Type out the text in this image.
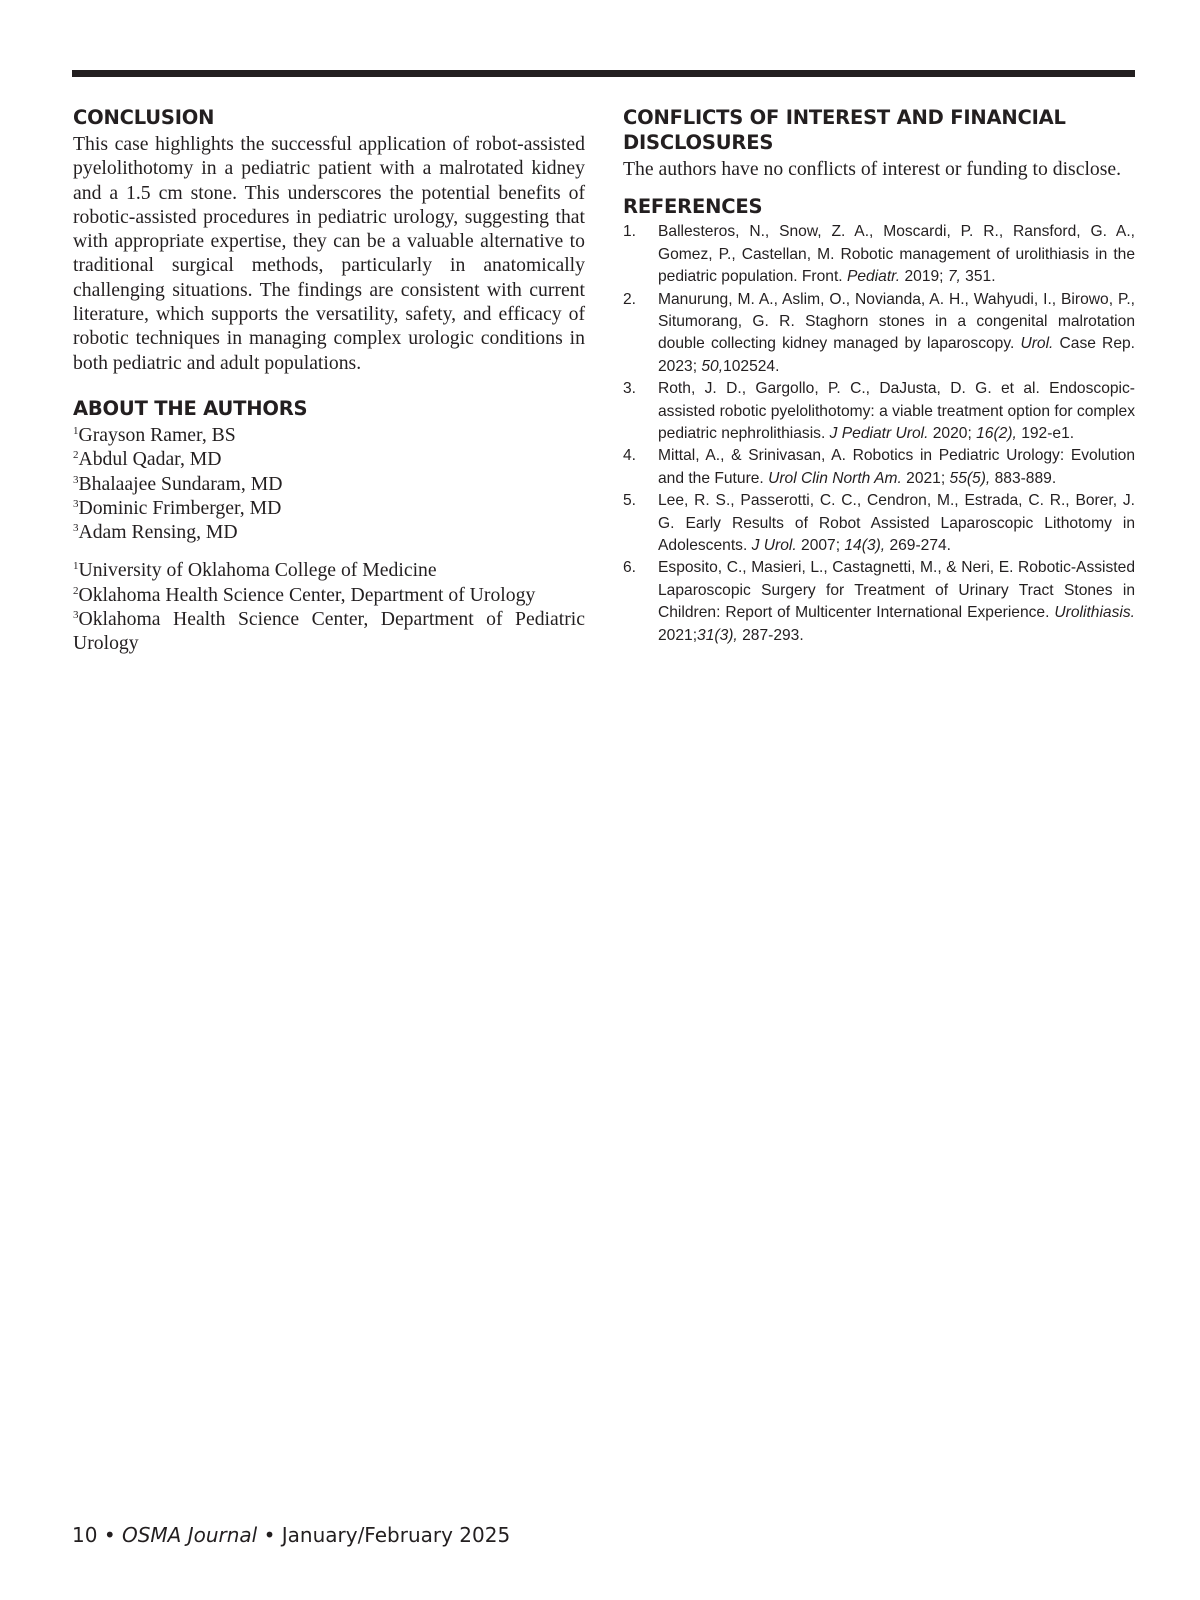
CONCLUSION

This case highlights the successful application of robot-assisted pyelolithotomy in a pediatric patient with a malrotated kidney and a 1.5 cm stone. This underscores the potential benefits of robotic-assisted procedures in pediatric urology, suggesting that with appropriate expertise, they can be a valuable alternative to traditional surgical methods, particularly in anatomically challenging situations. The findings are consistent with current literature, which supports the versatility, safety, and efficacy of robotic techniques in managing complex urologic conditions in both pediatric and adult populations.

ABOUT THE AUTHORS
$^1$Grayson Ramer, BS
$^2$Abdul Qadar, MD
$^3$Bhalaajee Sundaram, MD
$^3$Dominic Frimberger, MD
$^3$Adam Rensing, MD
$^1$University of Oklahoma College of Medicine
$^2$Oklahoma Health Science Center, Department of Urology
$^3$Oklahoma Health Science Center, Department of Pediatric Urology
CONFLICTS OF INTEREST AND FINANCIAL DISCLOSURES

The authors have no conflicts of interest or funding to disclose.

REFERENCES
1. Ballesteros, N., Snow, Z. A., Moscardi, P. R., Ransford, G. A., Gomez, P., Castellan, M. Robotic management of urolithiasis in the pediatric population. Front. Pediatr. 2019; 7, 351.
2. Manurung, M. A., Aslim, O., Novianda, A. H., Wahyudi, I., Birowo, P., Situmorang, G. R. Staghorn stones in a congenital malrotation double collecting kidney managed by laparoscopy. Urol. Case Rep. 2023; 50,102524.
3. Roth, J. D., Gargollo, P. C., DaJusta, D. G. et al. Endoscopic-assisted robotic pyelolithotomy: a viable treatment option for complex pediatric nephrolithiasis. J Pediatr Urol. 2020; 16(2), 192-e1.
4. Mittal, A., & Srinivasan, A. Robotics in Pediatric Urology: Evolution and the Future. Urol Clin North Am. 2021; 55(5), 883-889.
5. Lee, R. S., Passerotti, C. C., Cendron, M., Estrada, C. R., Borer, J. G. Early Results of Robot Assisted Laparoscopic Lithotomy in Adolescents. J Urol. 2007; 14(3), 269-274.
6. Esposito, C., Masieri, L., Castagnetti, M., & Neri, E. Robotic-Assisted Laparoscopic Surgery for Treatment of Urinary Tract Stones in Children: Report of Multicenter International Experience. Urolithiasis. 2021;31(3), 287-293.
10 • OSMA Journal • January/February 2025
